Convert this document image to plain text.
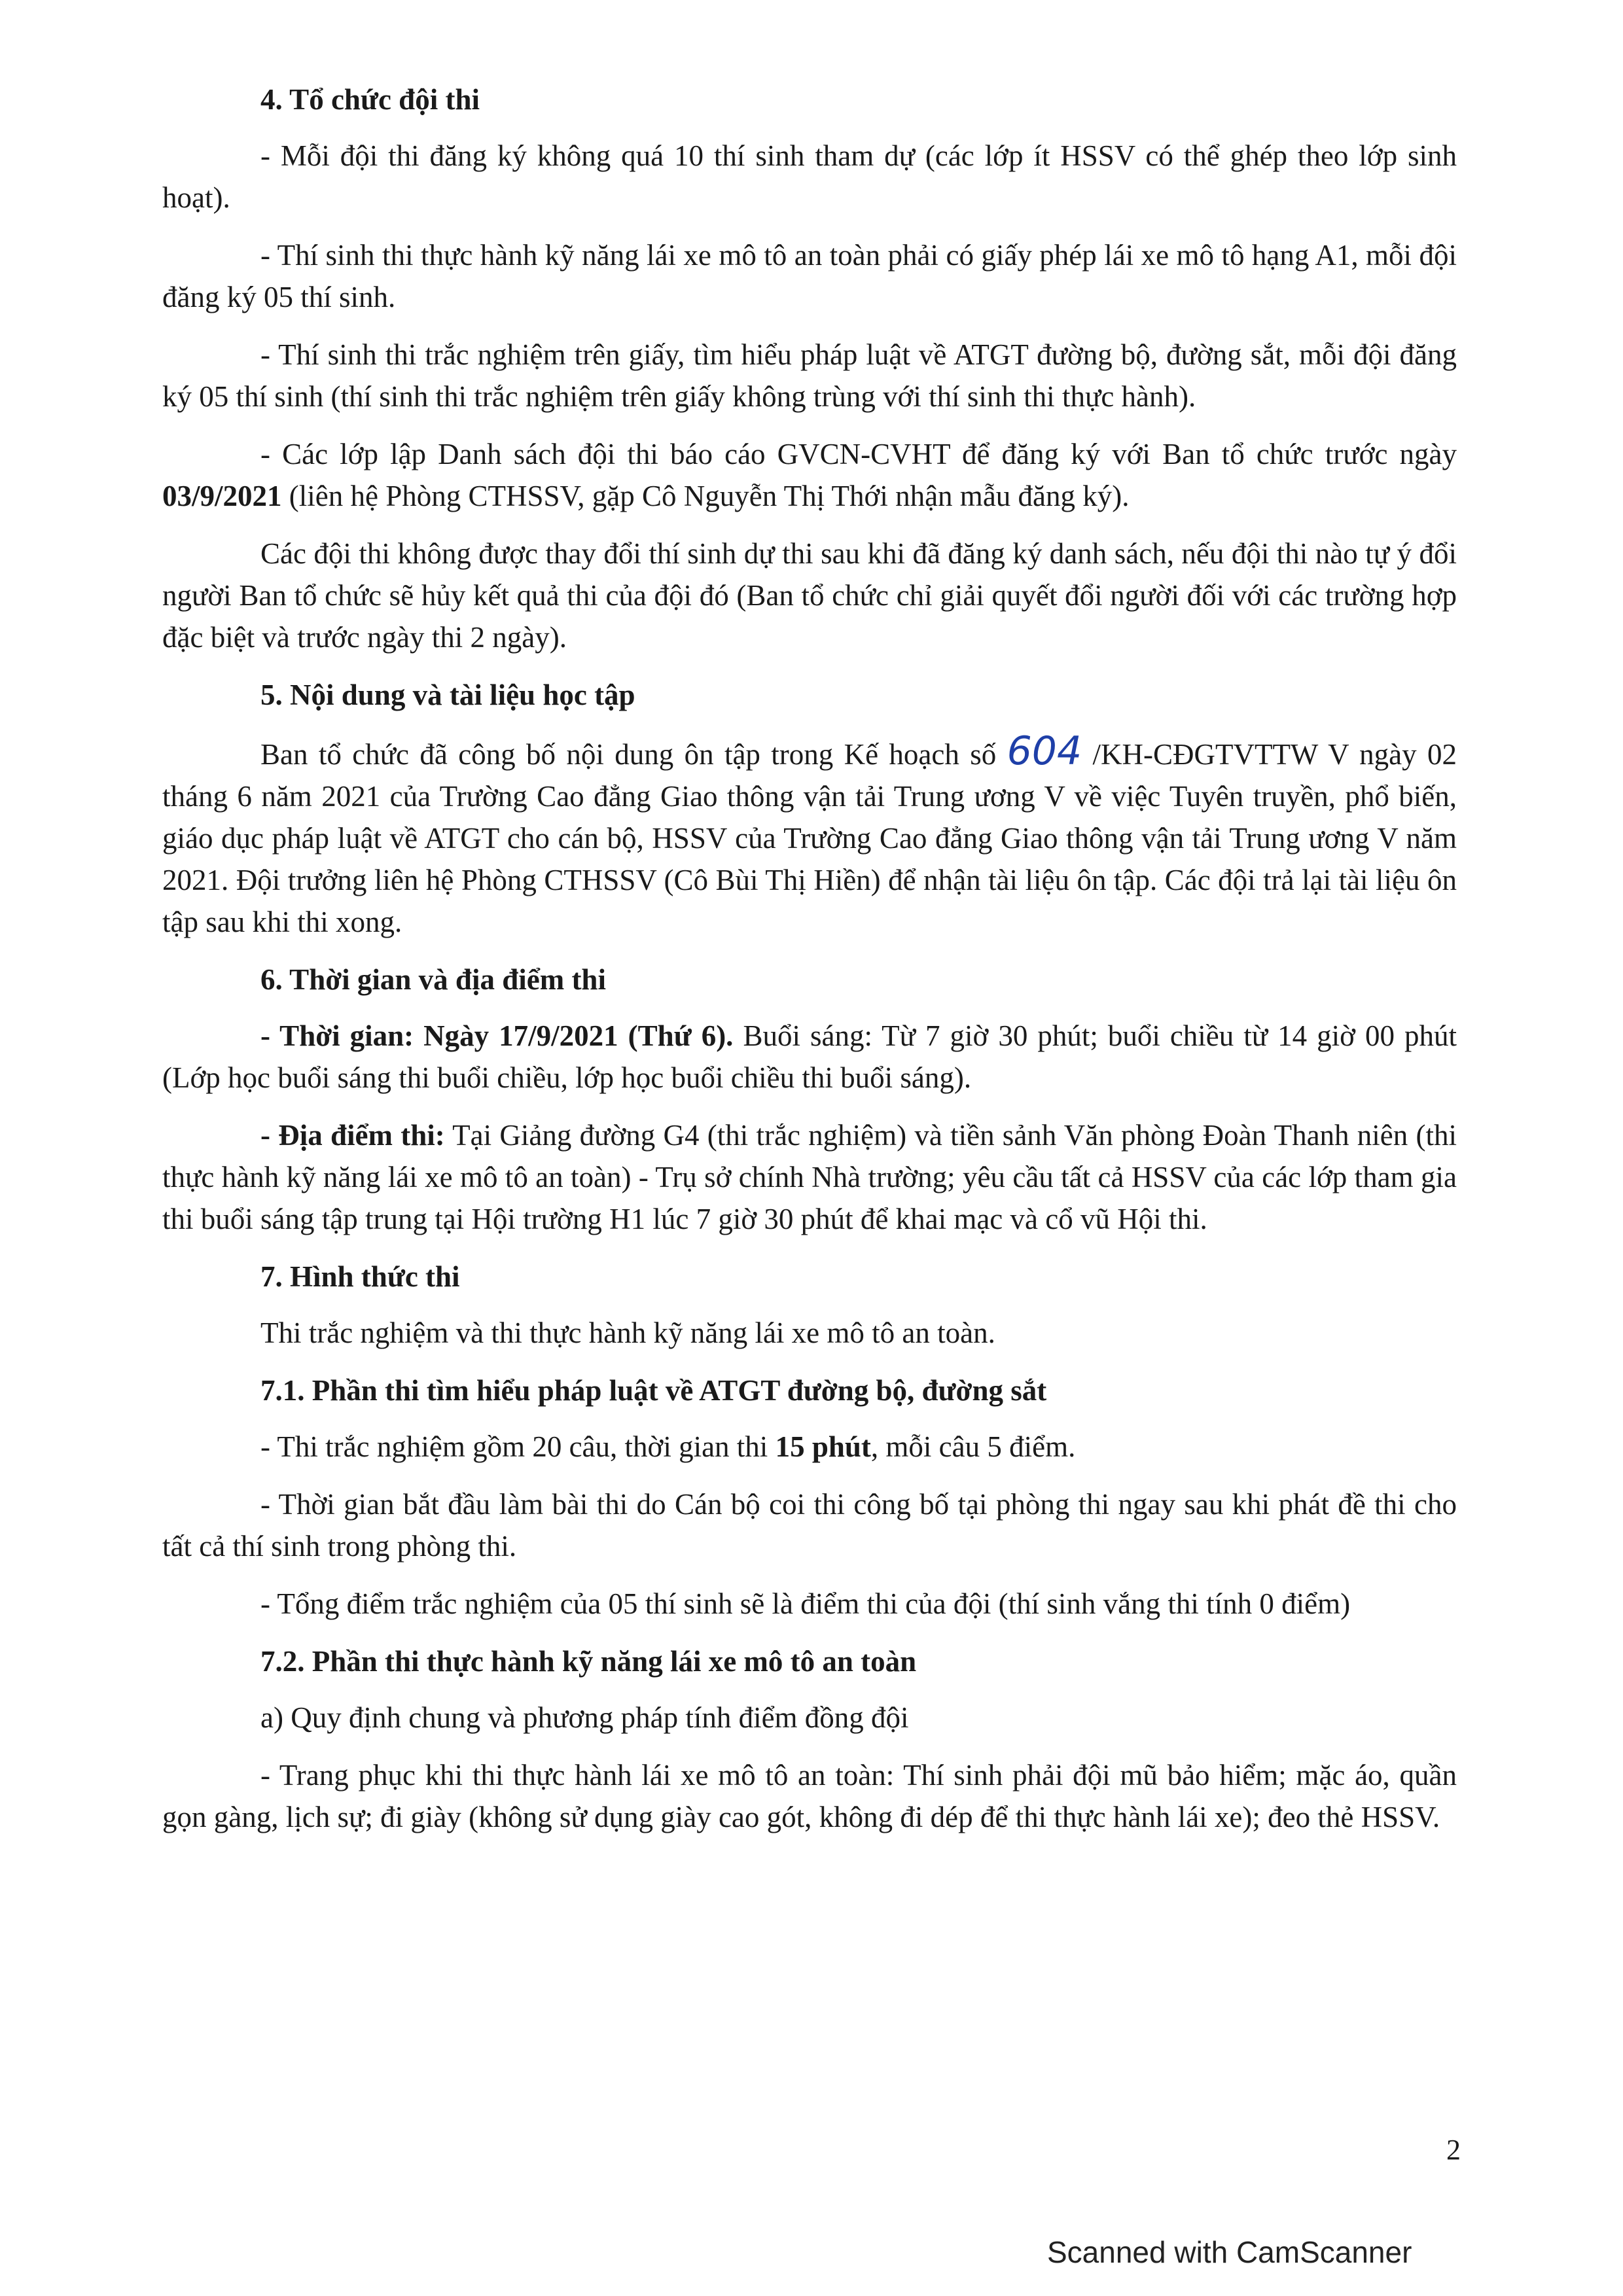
4. Tổ chức đội thi

- Mỗi đội thi đăng ký không quá 10 thí sinh tham dự (các lớp ít HSSV có thể ghép theo lớp sinh hoạt).

- Thí sinh thi thực hành kỹ năng lái xe mô tô an toàn phải có giấy phép lái xe mô tô hạng A1, mỗi đội đăng ký 05 thí sinh.

- Thí sinh thi trắc nghiệm trên giấy, tìm hiểu pháp luật về ATGT đường bộ, đường sắt, mỗi đội đăng ký 05 thí sinh (thí sinh thi trắc nghiệm trên giấy không trùng với thí sinh thi thực hành).

- Các lớp lập Danh sách đội thi báo cáo GVCN-CVHT để đăng ký với Ban tổ chức trước ngày 03/9/2021 (liên hệ Phòng CTHSSV, gặp Cô Nguyễn Thị Thới nhận mẫu đăng ký).

Các đội thi không được thay đổi thí sinh dự thi sau khi đã đăng ký danh sách, nếu đội thi nào tự ý đổi người Ban tổ chức sẽ hủy kết quả thi của đội đó (Ban tổ chức chỉ giải quyết đổi người đối với các trường hợp đặc biệt và trước ngày thi 2 ngày).

5. Nội dung và tài liệu học tập

Ban tổ chức đã công bố nội dung ôn tập trong Kế hoạch số 604 /KH-CĐGTVTTW V ngày 02 tháng 6 năm 2021 của Trường Cao đẳng Giao thông vận tải Trung ương V về việc Tuyên truyền, phổ biến, giáo dục pháp luật về ATGT cho cán bộ, HSSV của Trường Cao đẳng Giao thông vận tải Trung ương V năm 2021. Đội trưởng liên hệ Phòng CTHSSV (Cô Bùi Thị Hiền) để nhận tài liệu ôn tập. Các đội trả lại tài liệu ôn tập sau khi thi xong.

6. Thời gian và địa điểm thi

- Thời gian: Ngày 17/9/2021 (Thứ 6). Buổi sáng: Từ 7 giờ 30 phút; buổi chiều từ 14 giờ 00 phút (Lớp học buổi sáng thi buổi chiều, lớp học buổi chiều thi buổi sáng).

- Địa điểm thi: Tại Giảng đường G4 (thi trắc nghiệm) và tiền sảnh Văn phòng Đoàn Thanh niên (thi thực hành kỹ năng lái xe mô tô an toàn) - Trụ sở chính Nhà trường; yêu cầu tất cả HSSV của các lớp tham gia thi buổi sáng tập trung tại Hội trường H1 lúc 7 giờ 30 phút để khai mạc và cổ vũ Hội thi.

7. Hình thức thi

Thi trắc nghiệm và thi thực hành kỹ năng lái xe mô tô an toàn.

7.1. Phần thi tìm hiểu pháp luật về ATGT đường bộ, đường sắt

- Thi trắc nghiệm gồm 20 câu, thời gian thi 15 phút, mỗi câu 5 điểm.

- Thời gian bắt đầu làm bài thi do Cán bộ coi thi công bố tại phòng thi ngay sau khi phát đề thi cho tất cả thí sinh trong phòng thi.

- Tổng điểm trắc nghiệm của 05 thí sinh sẽ là điểm thi của đội (thí sinh vắng thi tính 0 điểm)

7.2. Phần thi thực hành kỹ năng lái xe mô tô an toàn

a) Quy định chung và phương pháp tính điểm đồng đội

- Trang phục khi thi thực hành lái xe mô tô an toàn: Thí sinh phải đội mũ bảo hiểm; mặc áo, quần gọn gàng, lịch sự; đi giày (không sử dụng giày cao gót, không đi dép để thi thực hành lái xe); đeo thẻ HSSV.

2
Scanned with CamScanner
